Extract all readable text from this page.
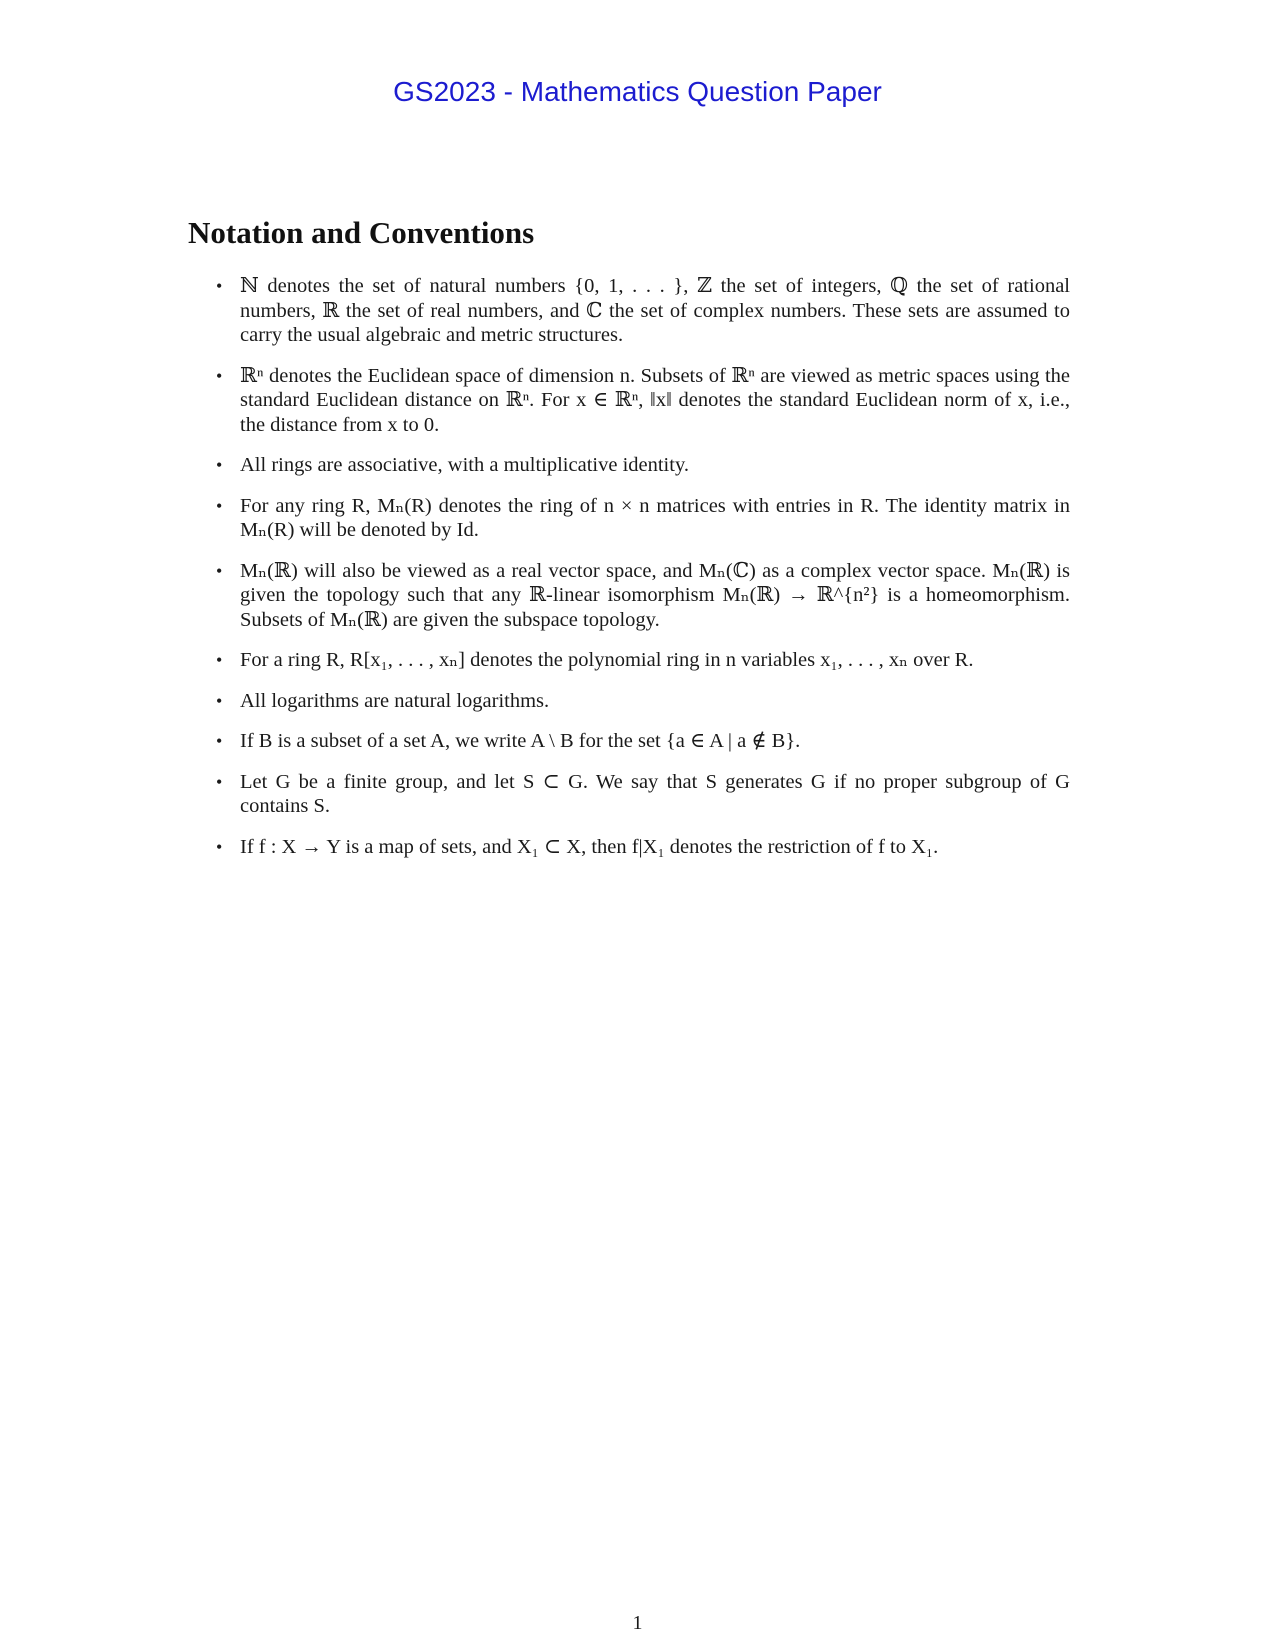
GS2023 - Mathematics Question Paper
Notation and Conventions
• ℕ denotes the set of natural numbers {0, 1, . . . }, ℤ the set of integers, ℚ the set of rational numbers, ℝ the set of real numbers, and ℂ the set of complex numbers. These sets are assumed to carry the usual algebraic and metric structures.
• ℝⁿ denotes the Euclidean space of dimension n. Subsets of ℝⁿ are viewed as metric spaces using the standard Euclidean distance on ℝⁿ. For x ∈ ℝⁿ, ‖x‖ denotes the standard Euclidean norm of x, i.e., the distance from x to 0.
• All rings are associative, with a multiplicative identity.
• For any ring R, Mₙ(R) denotes the ring of n × n matrices with entries in R. The identity matrix in Mₙ(R) will be denoted by Id.
• Mₙ(ℝ) will also be viewed as a real vector space, and Mₙ(ℂ) as a complex vector space. Mₙ(ℝ) is given the topology such that any ℝ-linear isomorphism Mₙ(ℝ) → ℝ^{n²} is a homeomorphism. Subsets of Mₙ(ℝ) are given the subspace topology.
• For a ring R, R[x₁, . . . , xₙ] denotes the polynomial ring in n variables x₁, . . . , xₙ over R.
• All logarithms are natural logarithms.
• If B is a subset of a set A, we write A \ B for the set {a ∈ A | a ∉ B}.
• Let G be a finite group, and let S ⊂ G. We say that S generates G if no proper subgroup of G contains S.
• If f : X → Y is a map of sets, and X₁ ⊂ X, then f|X₁ denotes the restriction of f to X₁.
1
